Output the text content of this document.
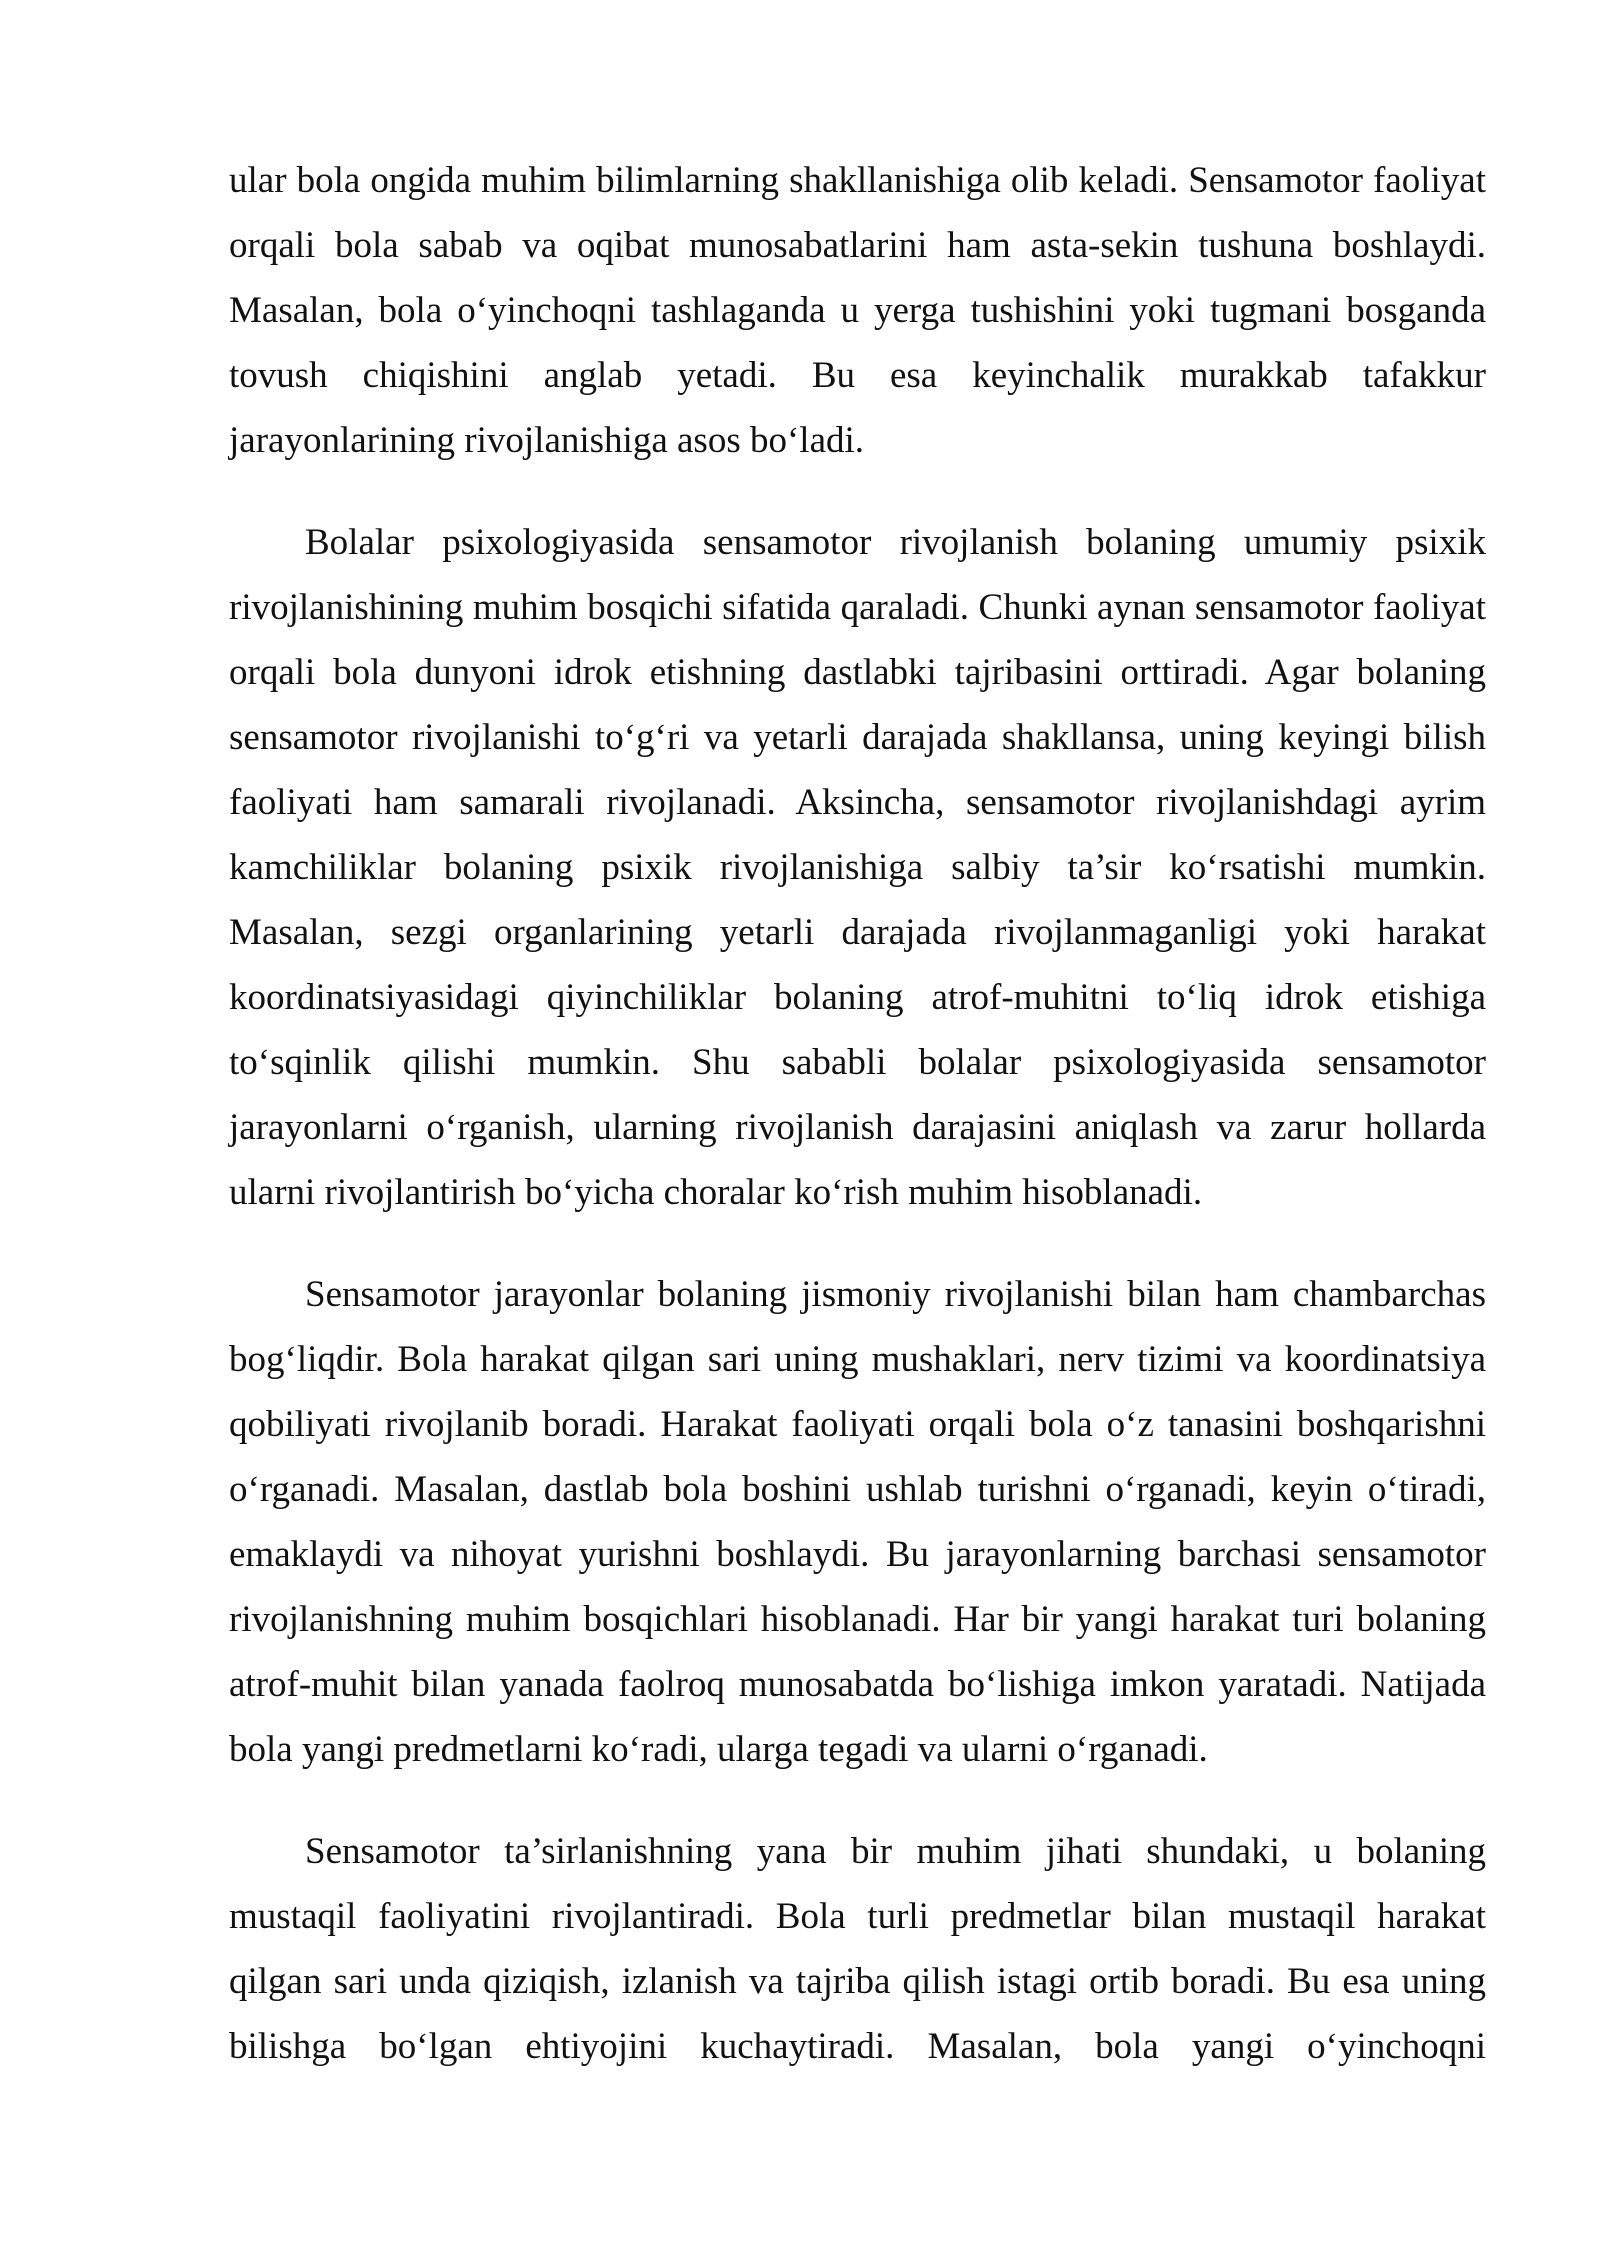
ular bola ongida muhim bilimlarning shakllanishiga olib keladi. Sensamotor faoliyat orqali bola sabab va oqibat munosabatlarini ham asta-sekin tushuna boshlaydi. Masalan, bola o‘yinchoqni tashlaganda u yerga tushishini yoki tugmani bosganda tovush chiqishini anglab yetadi. Bu esa keyinchalik murakkab tafakkur jarayonlarining rivojlanishiga asos bo‘ladi.

Bolalar psixologiyasida sensamotor rivojlanish bolaning umumiy psixik rivojlanishining muhim bosqichi sifatida qaraladi. Chunki aynan sensamotor faoliyat orqali bola dunyoni idrok etishning dastlabki tajribasini orttiradi. Agar bolaning sensamotor rivojlanishi to‘g‘ri va yetarli darajada shakllansa, uning keyingi bilish faoliyati ham samarali rivojlanadi. Aksincha, sensamotor rivojlanishdagi ayrim kamchiliklar bolaning psixik rivojlanishiga salbiy ta’sir ko‘rsatishi mumkin. Masalan, sezgi organlarining yetarli darajada rivojlanmaganligi yoki harakat koordinatsiyasidagi qiyinchiliklar bolaning atrof-muhitni to‘liq idrok etishiga to‘sqinlik qilishi mumkin. Shu sababli bolalar psixologiyasida sensamotor jarayonlarni o‘rganish, ularning rivojlanish darajasini aniqlash va zarur hollarda ularni rivojlantirish bo‘yicha choralar ko‘rish muhim hisoblanadi.

Sensamotor jarayonlar bolaning jismoniy rivojlanishi bilan ham chambarchas bog‘liqdir. Bola harakat qilgan sari uning mushaklari, nerv tizimi va koordinatsiya qobiliyati rivojlanib boradi. Harakat faoliyati orqali bola o‘z tanasini boshqarishni o‘rganadi. Masalan, dastlab bola boshini ushlab turishni o‘rganadi, keyin o‘tiradi, emaklaydi va nihoyat yurishni boshlaydi. Bu jarayonlarning barchasi sensamotor rivojlanishning muhim bosqichlari hisoblanadi. Har bir yangi harakat turi bolaning atrof-muhit bilan yanada faolroq munosabatda bo‘lishiga imkon yaratadi. Natijada bola yangi predmetlarni ko‘radi, ularga tegadi va ularni o‘rganadi.

Sensamotor ta’sirlanishning yana bir muhim jihati shundaki, u bolaning mustaqil faoliyatini rivojlantiradi. Bola turli predmetlar bilan mustaqil harakat qilgan sari unda qiziqish, izlanish va tajriba qilish istagi ortib boradi. Bu esa uning bilishga bo‘lgan ehtiyojini kuchaytiradi. Masalan, bola yangi o‘yinchoqni
